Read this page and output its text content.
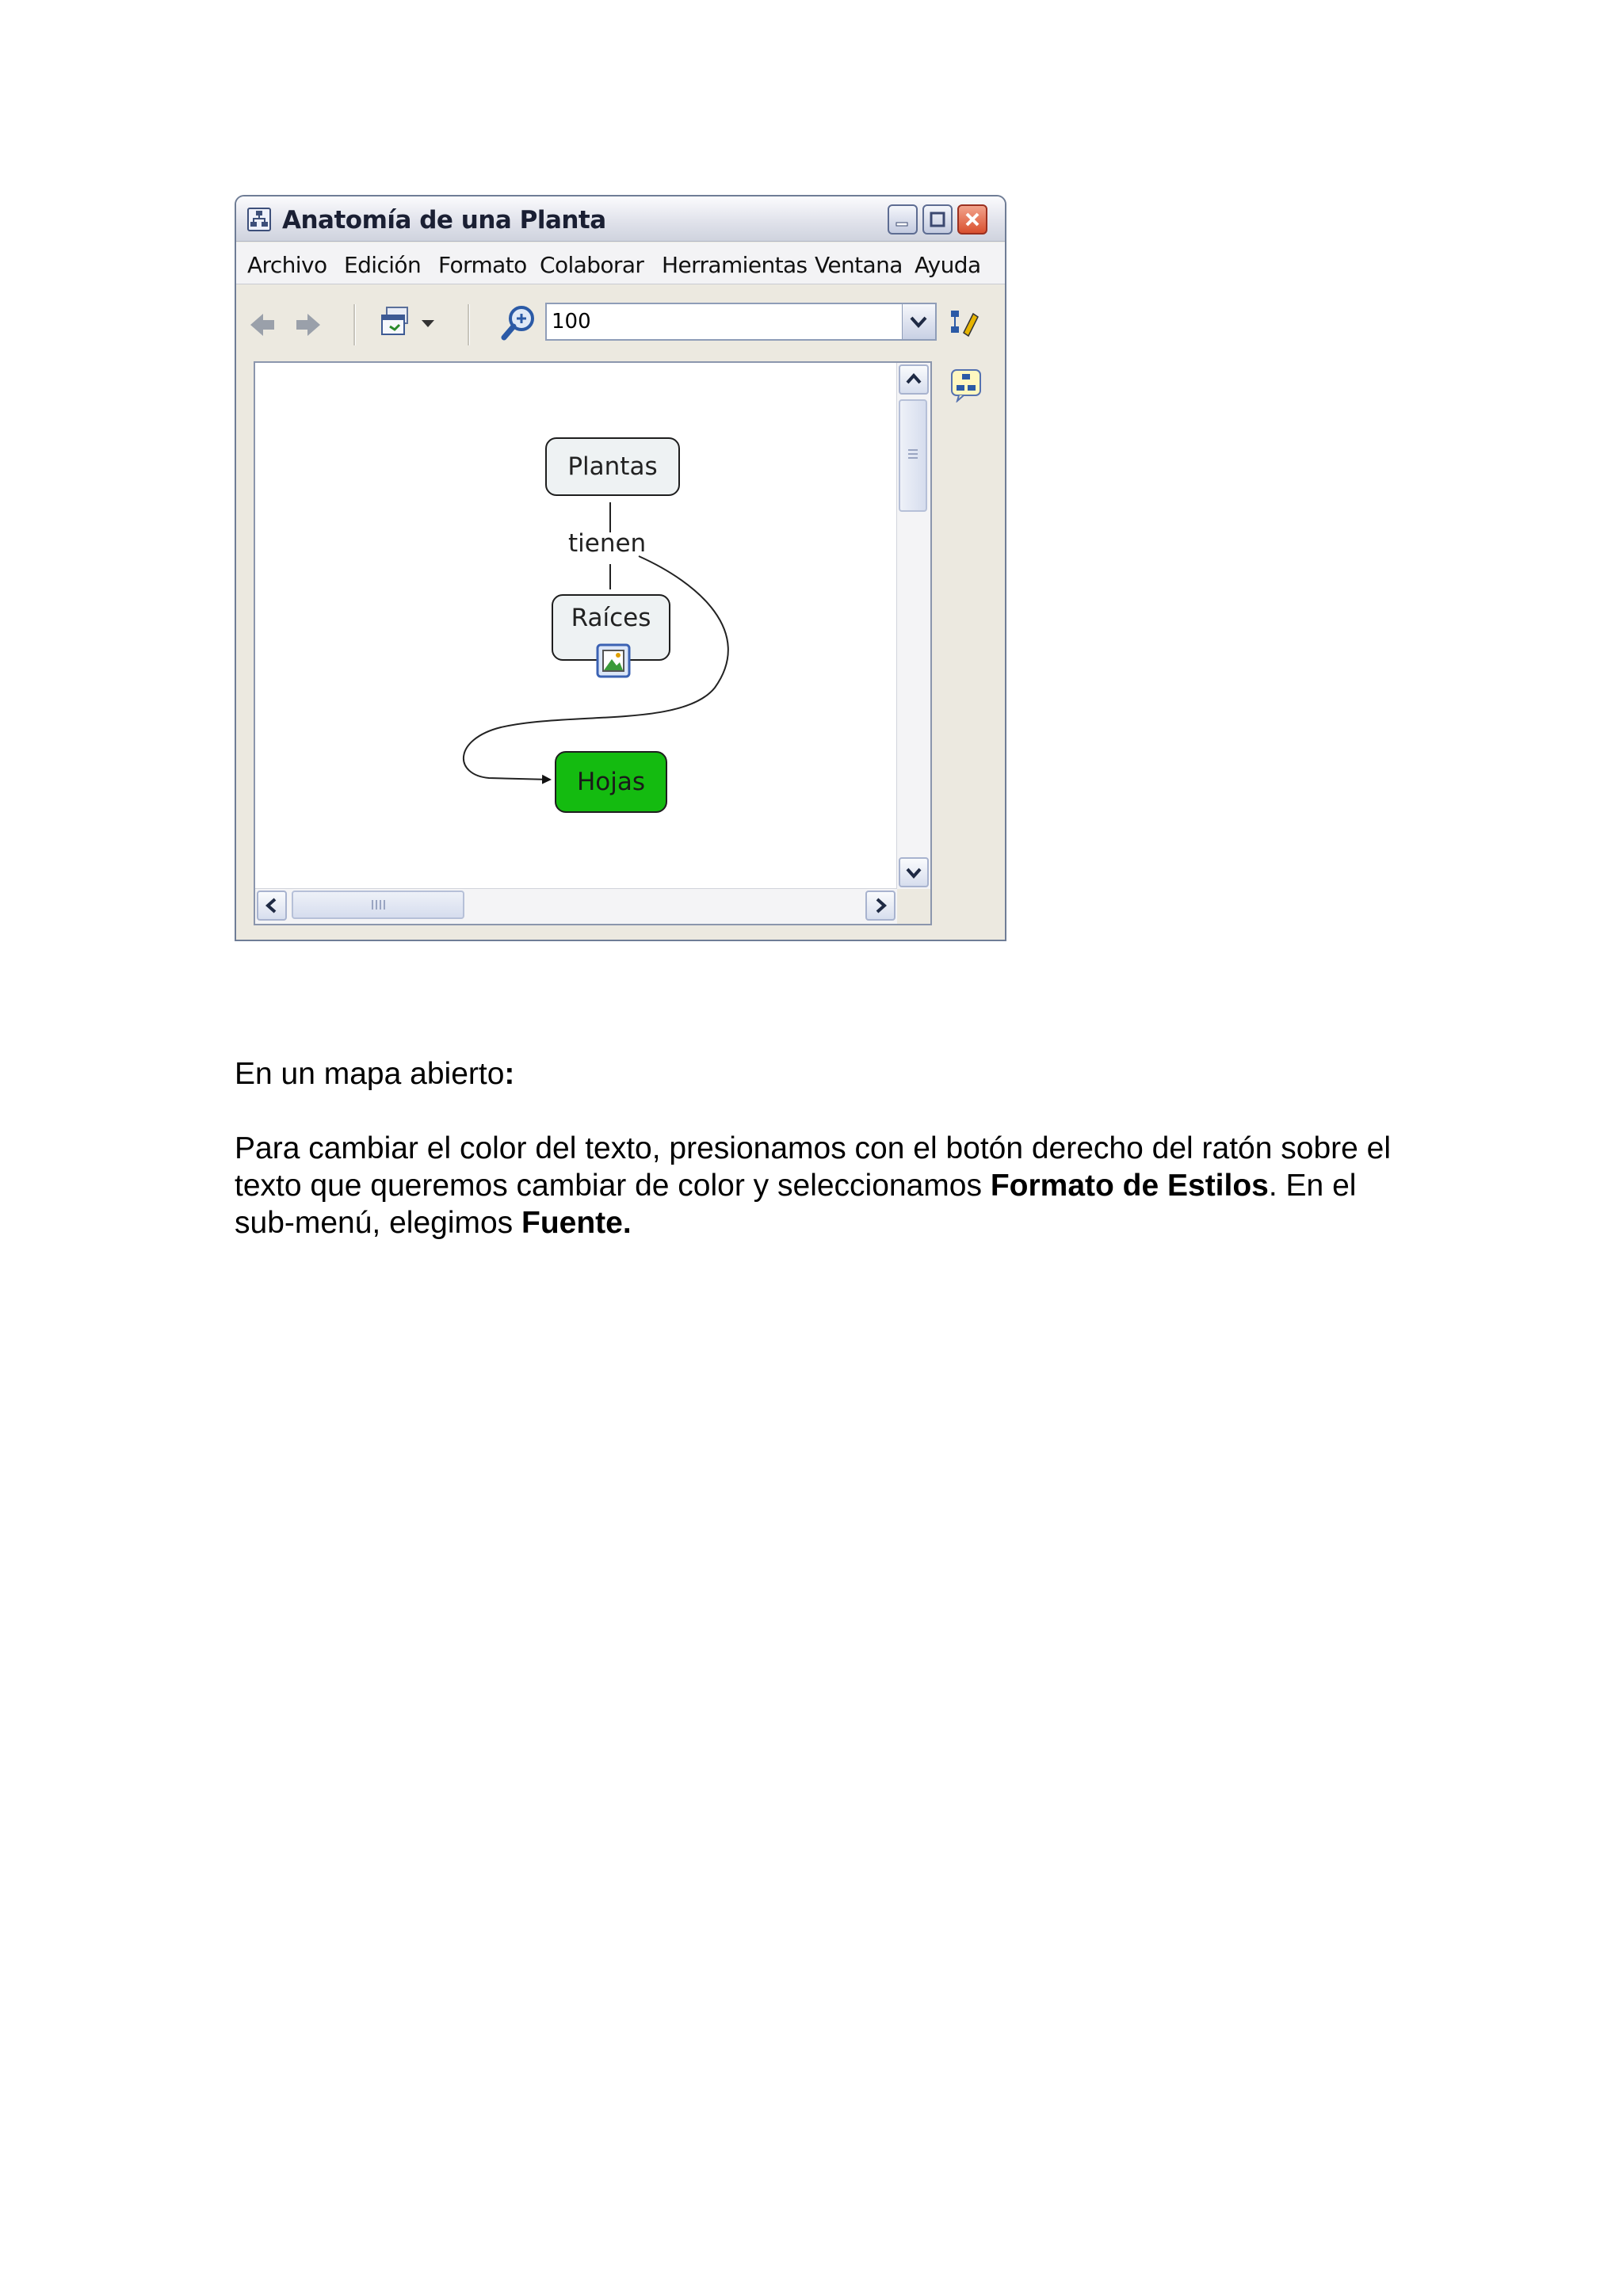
Anatomía de una Planta
Archivo Edición Formato Colaborar Herramientas Ventana Ayuda
100
Plantas
tienen
Raíces
Hojas
En un mapa abierto:
Para cambiar el color del texto, presionamos con el botón derecho del ratón sobre el texto que queremos cambiar de color y seleccionamos Formato de Estilos. En el sub-menú, elegimos Fuente.
